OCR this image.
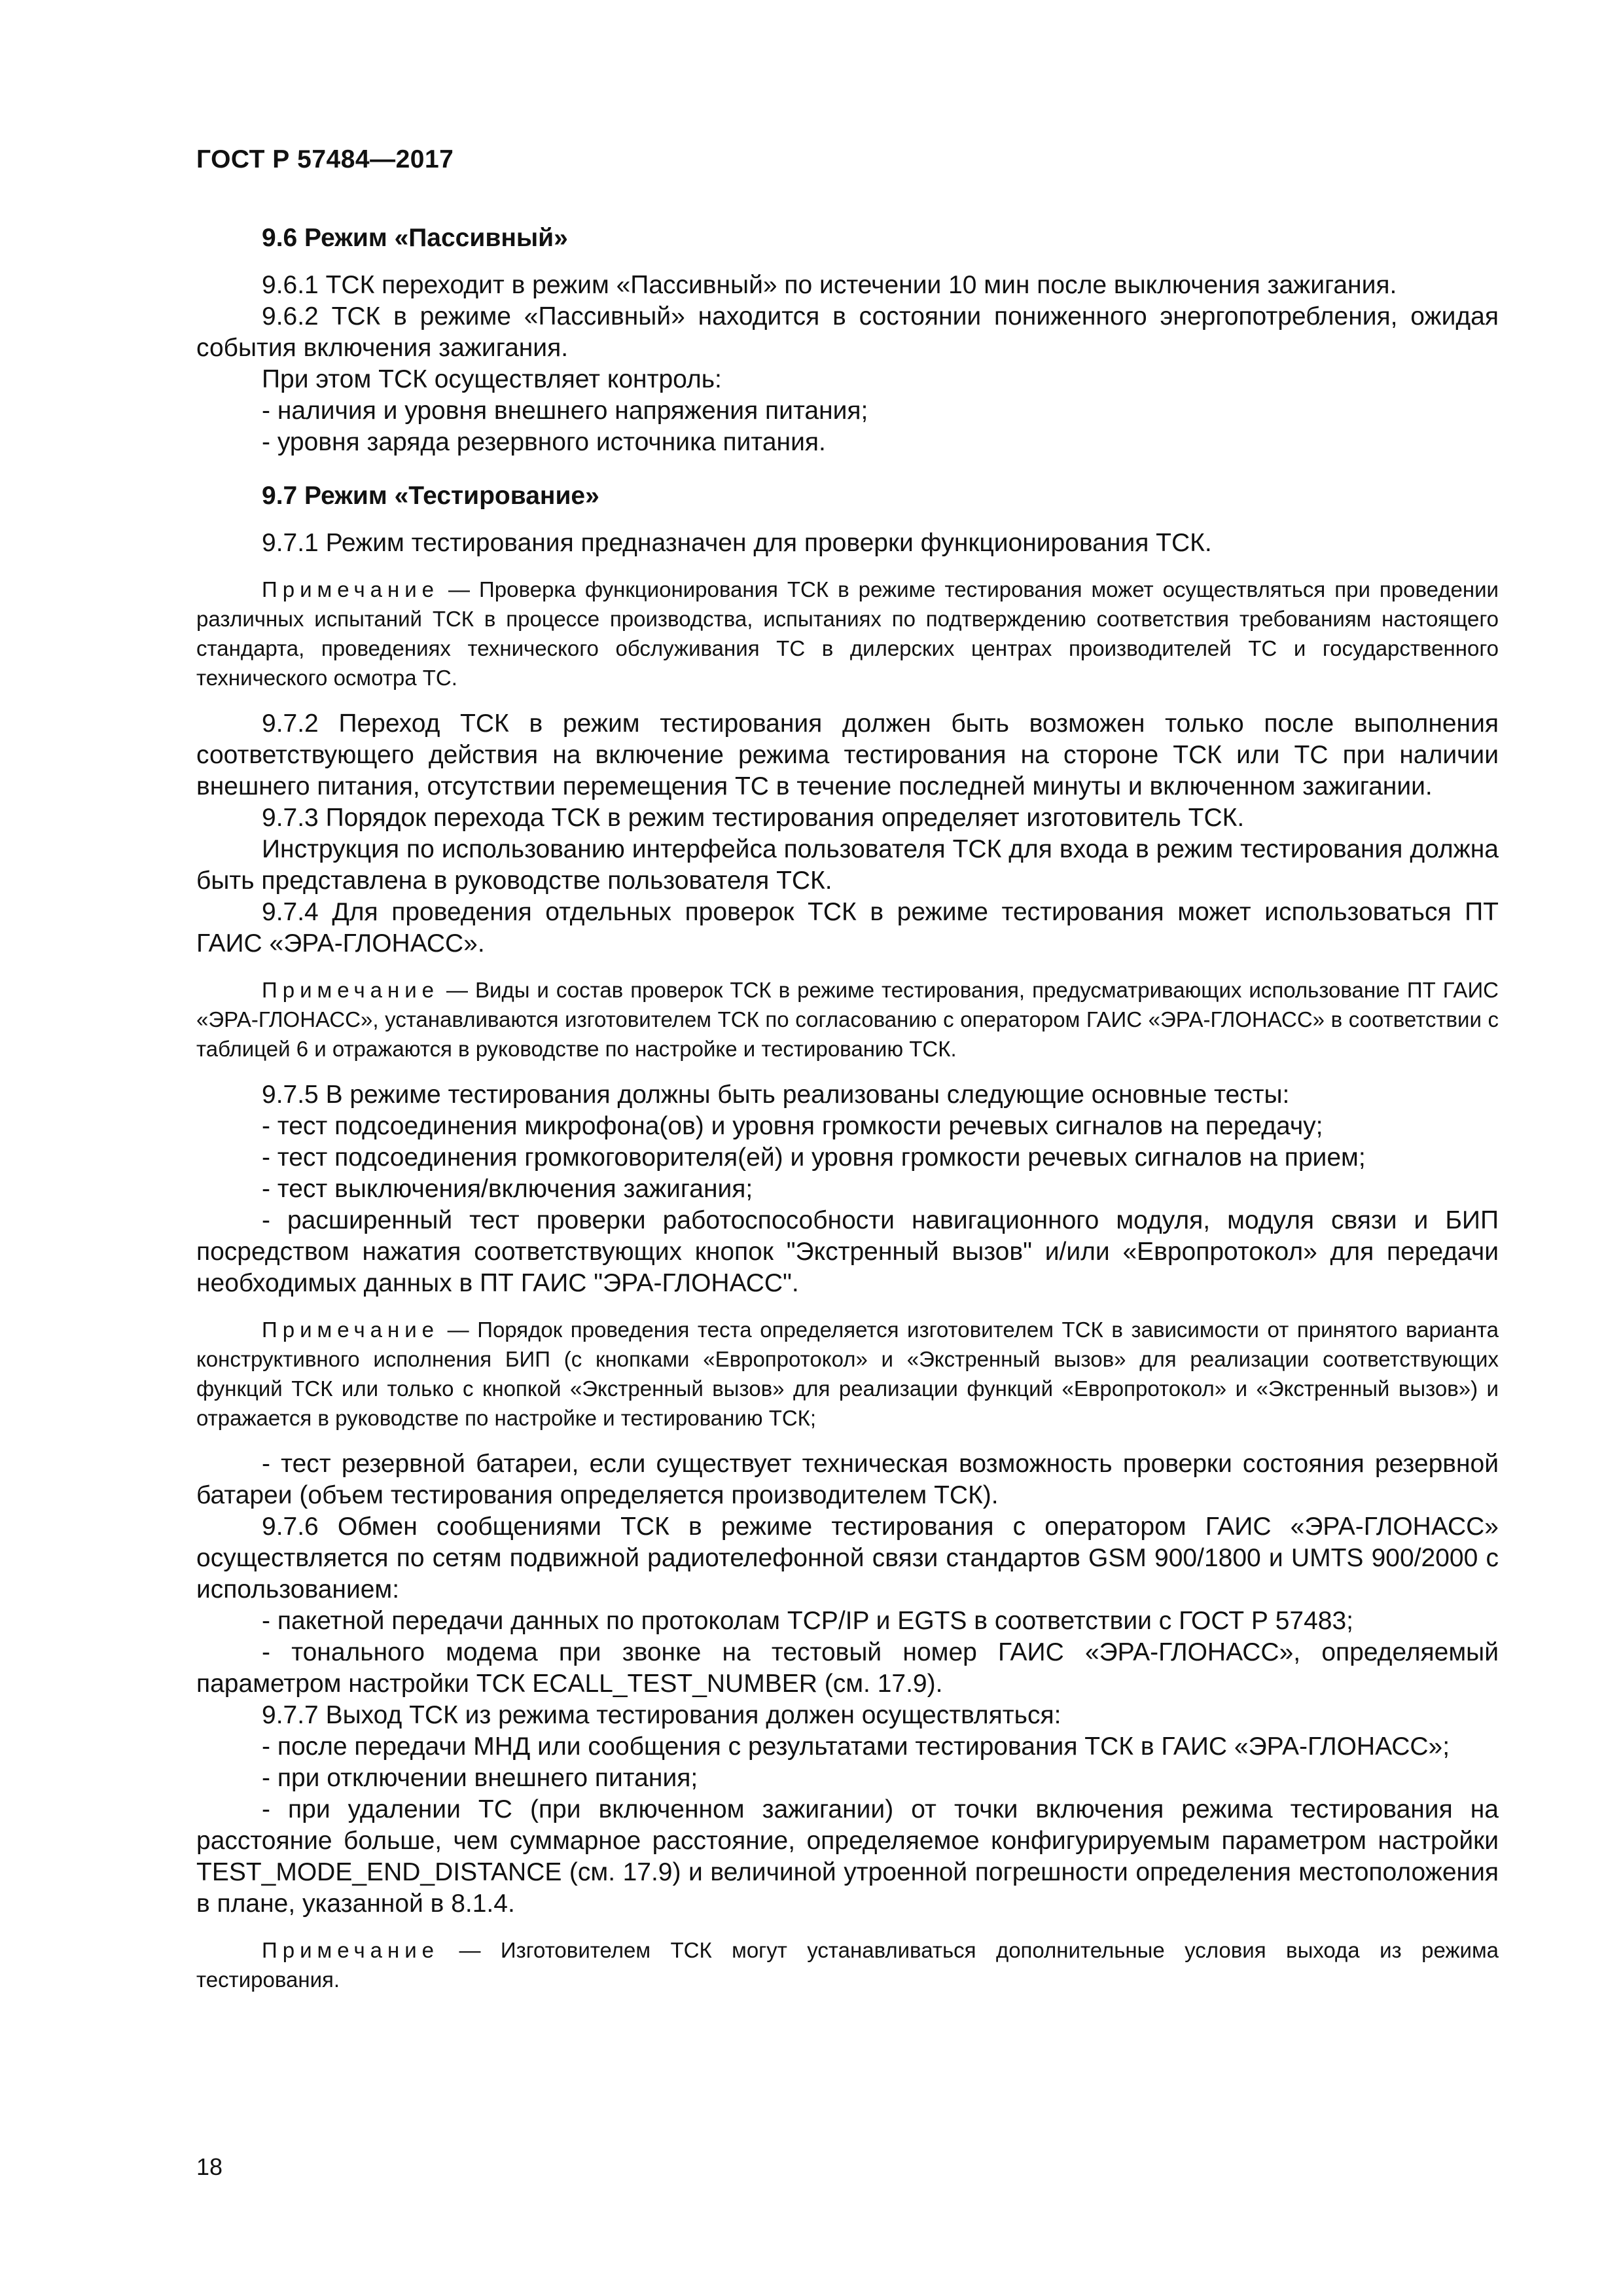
ГОСТ Р 57484—2017
9.6 Режим «Пассивный»

9.6.1 ТСК переходит в режим «Пассивный» по истечении 10 мин после выключения зажигания.

9.6.2 ТСК в режиме «Пассивный» находится в состоянии пониженного энергопотребления, ожидая события включения зажигания.

При этом ТСК осуществляет контроль:

- наличия и уровня внешнего напряжения питания;

- уровня заряда резервного источника питания.

9.7 Режим «Тестирование»

9.7.1 Режим тестирования предназначен для проверки функционирования ТСК.

Примечание — Проверка функционирования ТСК в режиме тестирования может осуществляться при проведении различных испытаний ТСК в процессе производства, испытаниях по подтверждению соответствия требованиям настоящего стандарта, проведениях технического обслуживания ТС в дилерских центрах производителей ТС и государственного технического осмотра ТС.

9.7.2 Переход ТСК в режим тестирования должен быть возможен только после выполнения соответствующего действия на включение режима тестирования на стороне ТСК или ТС при наличии внешнего питания, отсутствии перемещения ТС в течение последней минуты и включенном зажигании.

9.7.3 Порядок перехода ТСК в режим тестирования определяет изготовитель ТСК.

Инструкция по использованию интерфейса пользователя ТСК для входа в режим тестирования должна быть представлена в руководстве пользователя ТСК.

9.7.4 Для проведения отдельных проверок ТСК в режиме тестирования может использоваться ПТ ГАИС «ЭРА-ГЛОНАСС».

Примечание — Виды и состав проверок ТСК в режиме тестирования, предусматривающих использование ПТ ГАИС «ЭРА-ГЛОНАСС», устанавливаются изготовителем ТСК по согласованию с оператором ГАИС «ЭРА-ГЛОНАСС» в соответствии с таблицей 6 и отражаются в руководстве по настройке и тестированию ТСК.

9.7.5 В режиме тестирования должны быть реализованы следующие основные тесты:

- тест подсоединения микрофона(ов) и уровня громкости речевых сигналов на передачу;

- тест подсоединения громкоговорителя(ей) и уровня громкости речевых сигналов на прием;

- тест выключения/включения зажигания;

- расширенный тест проверки работоспособности навигационного модуля, модуля связи и БИП посредством нажатия соответствующих кнопок "Экстренный вызов" и/или «Европротокол» для передачи необходимых данных в ПТ ГАИС "ЭРА-ГЛОНАСС".

Примечание — Порядок проведения теста определяется изготовителем ТСК в зависимости от принятого варианта конструктивного исполнения БИП (с кнопками «Европротокол» и «Экстренный вызов» для реализации соответствующих функций ТСК или только с кнопкой «Экстренный вызов» для реализации функций «Европротокол» и «Экстренный вызов») и отражается в руководстве по настройке и тестированию ТСК;

- тест резервной батареи, если существует техническая возможность проверки состояния резервной батареи (объем тестирования определяется производителем ТСК).

9.7.6 Обмен сообщениями ТСК в режиме тестирования с оператором ГАИС «ЭРА-ГЛОНАСС» осуществляется по сетям подвижной радиотелефонной связи стандартов GSM 900/1800 и UMTS 900/2000 с использованием:

- пакетной передачи данных по протоколам TCP/IP и EGTS в соответствии с ГОСТ Р 57483;

- тонального модема при звонке на тестовый номер ГАИС «ЭРА-ГЛОНАСС», определяемый параметром настройки ТСК ECALL_TEST_NUMBER (см. 17.9).

9.7.7 Выход ТСК из режима тестирования должен осуществляться:

- после передачи МНД или сообщения с результатами тестирования ТСК в ГАИС «ЭРА-ГЛОНАСС»;

- при отключении внешнего питания;

- при удалении ТС (при включенном зажигании) от точки включения режима тестирования на расстояние больше, чем суммарное расстояние, определяемое конфигурируемым параметром настройки TEST_MODE_END_DISTANCE (см. 17.9) и величиной утроенной погрешности определения местоположения в плане, указанной в 8.1.4.

Примечание — Изготовителем ТСК могут устанавливаться дополнительные условия выхода из режима тестирования.

18
